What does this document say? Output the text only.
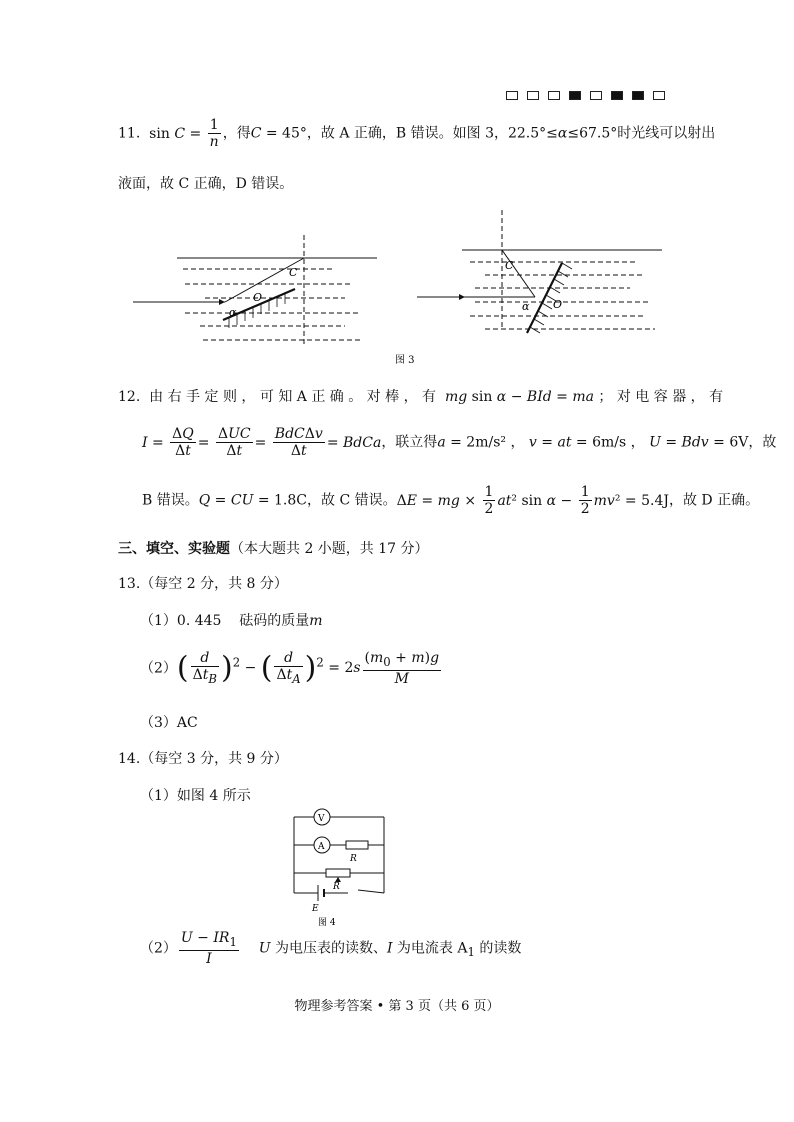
11. $\sin C = \frac{1}{n}$ ，得C = 45°，故 A 正确，B 错误。如图 3，22.5°≤α≤67.5°时光线可以射出
液面，故 C 正确，D 错误。
C
α
O
C
α O
图 3
12. 由 右 手 定 则 ， 可 知 A 正 确 。 对 棒 ， 有 mg sin α − BId = ma ； 对 电 容 器 ， 有
$I = \frac{\Delta Q}{\Delta t} = \frac{\text{ΔUC}}{\Delta t} = \frac{\text{BdCΔv}}{\Delta t}$ = BdCa，联立得a = 2m/s² ， v = at = 6m/s ， U = Bdv = 6V，故
B 错误。Q = CU = 1.8C，故 C 错误。ΔE = mg × $\frac{1}{2} at^2$ $\sin \alpha - \frac{1}{2} mv^2 = 5.4J$，故 D 正确。
三、填空、实验题（本大题共 2 小题，共 17 分）
13.（每空 2 分，共 8 分）
（1）0. 445 砝码的质量m
$(2)( \frac{d}{\Delta t_B} )^2$ − ( $\frac{d}{\Delta t_A} )^2 = 2s \frac{(m_0 + m)g}{M}$
（3）AC
14.（每空 3 分，共 9 分）
（1）如图 4 所示
V
A
R
R
E
图 4
$(2) \frac{U - IR_1}{I}$ U 为电压表的读数、I 为电流表 $A_1$ 的读数
物理参考答案 • 第 3 页（共 6 页）
